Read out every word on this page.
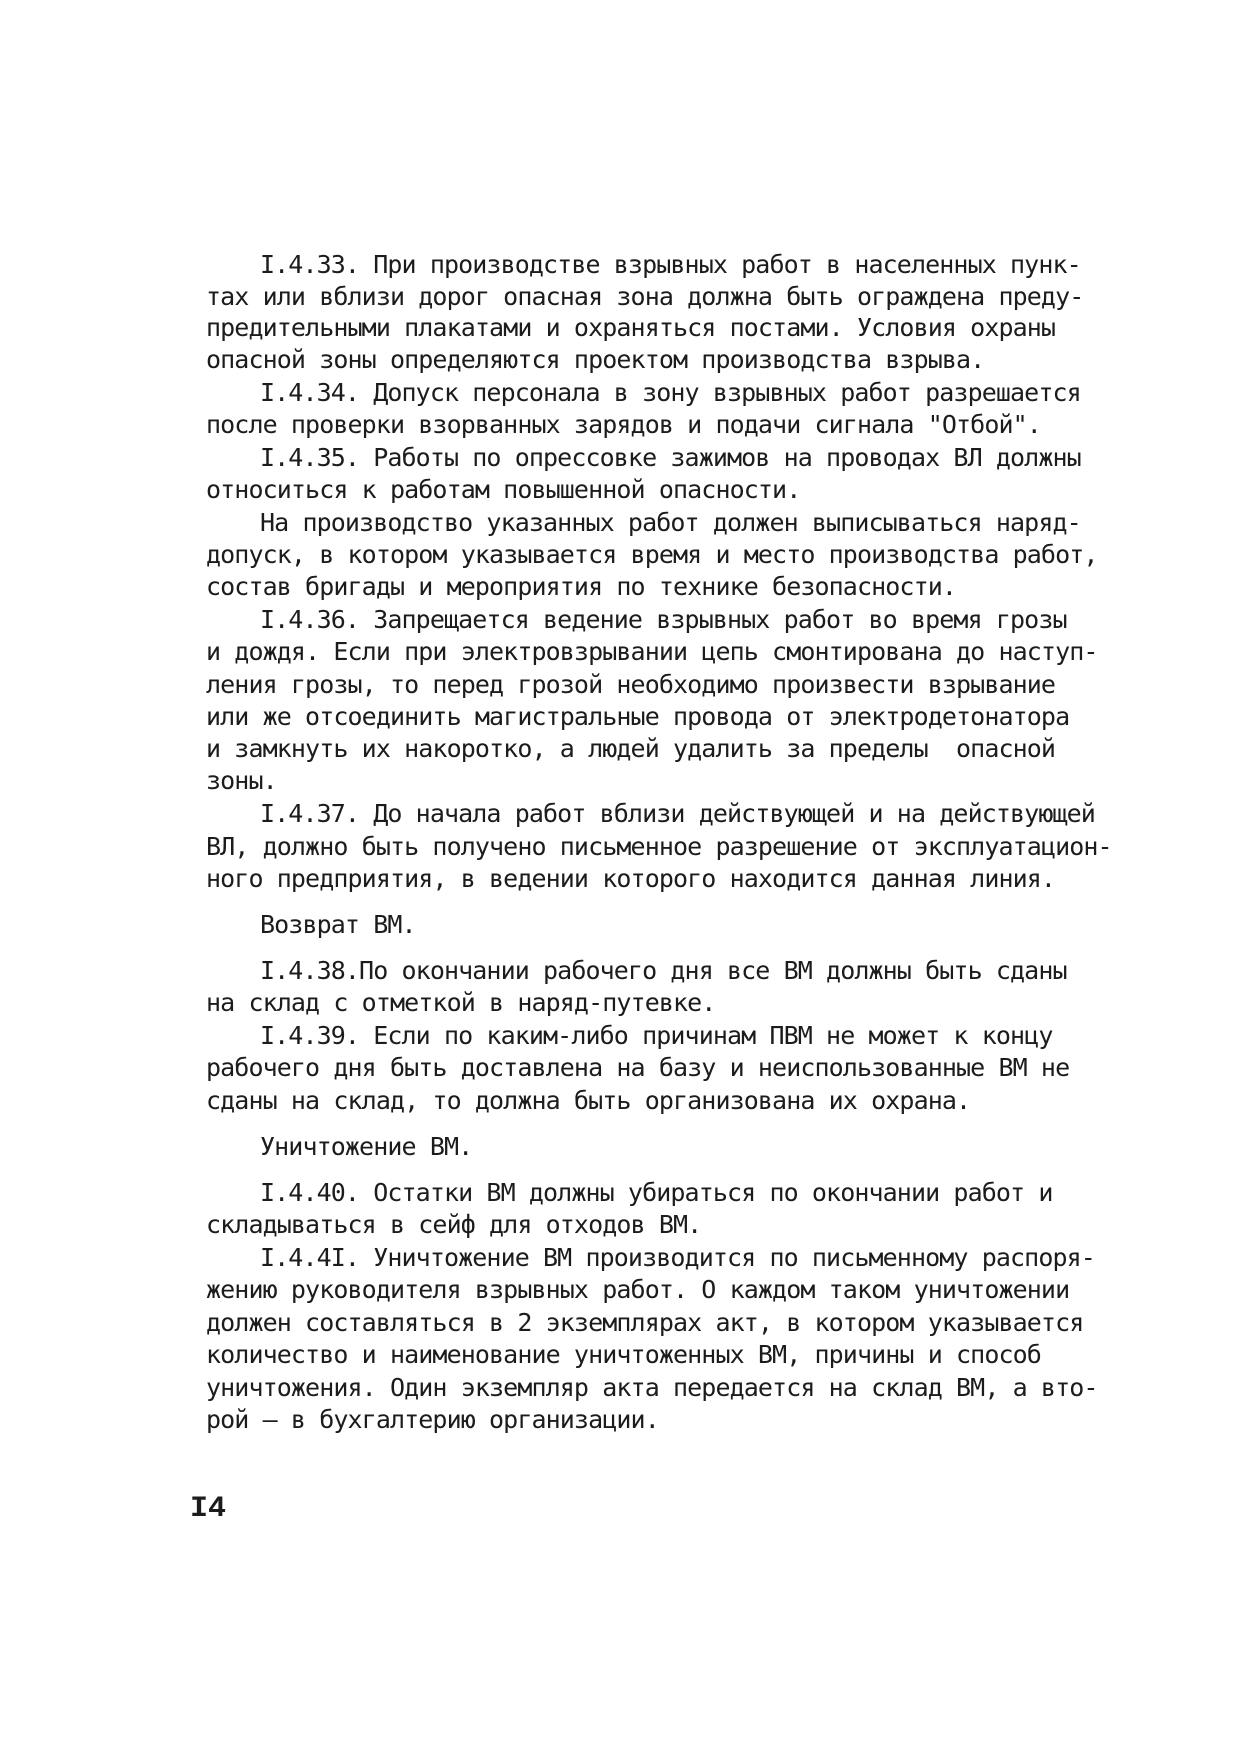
I.4.33. При производстве взрывных работ в населенных пунк-
тах или вблизи дорог опасная зона должна быть ограждена преду-
предительными плакатами и охраняться постами. Условия охраны
опасной зоны определяются проектом производства взрыва.
I.4.34. Допуск персонала в зону взрывных работ разрешается
после проверки взорванных зарядов и подачи сигнала "Отбой".
I.4.35. Работы по опрессовке зажимов на проводах ВЛ должны
относиться к работам повышенной опасности.
На производство указанных работ должен выписываться наряд-
допуск, в котором указывается время и место производства работ,
состав бригады и мероприятия по технике безопасности.
I.4.36. Запрещается ведение взрывных работ во время грозы
и дождя. Если при электровзрывании цепь смонтирована до наступ-
ления грозы, то перед грозой необходимо произвести взрывание
или же отсоединить магистральные провода от электродетонатора
и замкнуть их накоротко, а людей удалить за пределы  опасной
зоны.
I.4.37. До начала работ вблизи действующей и на действующей
ВЛ, должно быть получено письменное разрешение от эксплуатацион-
ного предприятия, в ведении которого находится данная линия.
Возврат ВМ.
I.4.38.По окончании рабочего дня все ВМ должны быть сданы
на склад с отметкой в наряд-путевке.
I.4.39. Если по каким-либо причинам ПВМ не может к концу
рабочего дня быть доставлена на базу и неиспользованные ВМ не
сданы на склад, то должна быть организована их охрана.
Уничтожение ВМ.
I.4.40. Остатки ВМ должны убираться по окончании работ и
складываться в сейф для отходов ВМ.
I.4.4I. Уничтожение ВМ производится по письменному распоря-
жению руководителя взрывных работ. О каждом таком уничтожении
должен составляться в 2 экземплярах акт, в котором указывается
количество и наименование уничтоженных ВМ, причины и способ
уничтожения. Один экземпляр акта передается на склад ВМ, а вто-
рой – в бухгалтерию организации.
I4
